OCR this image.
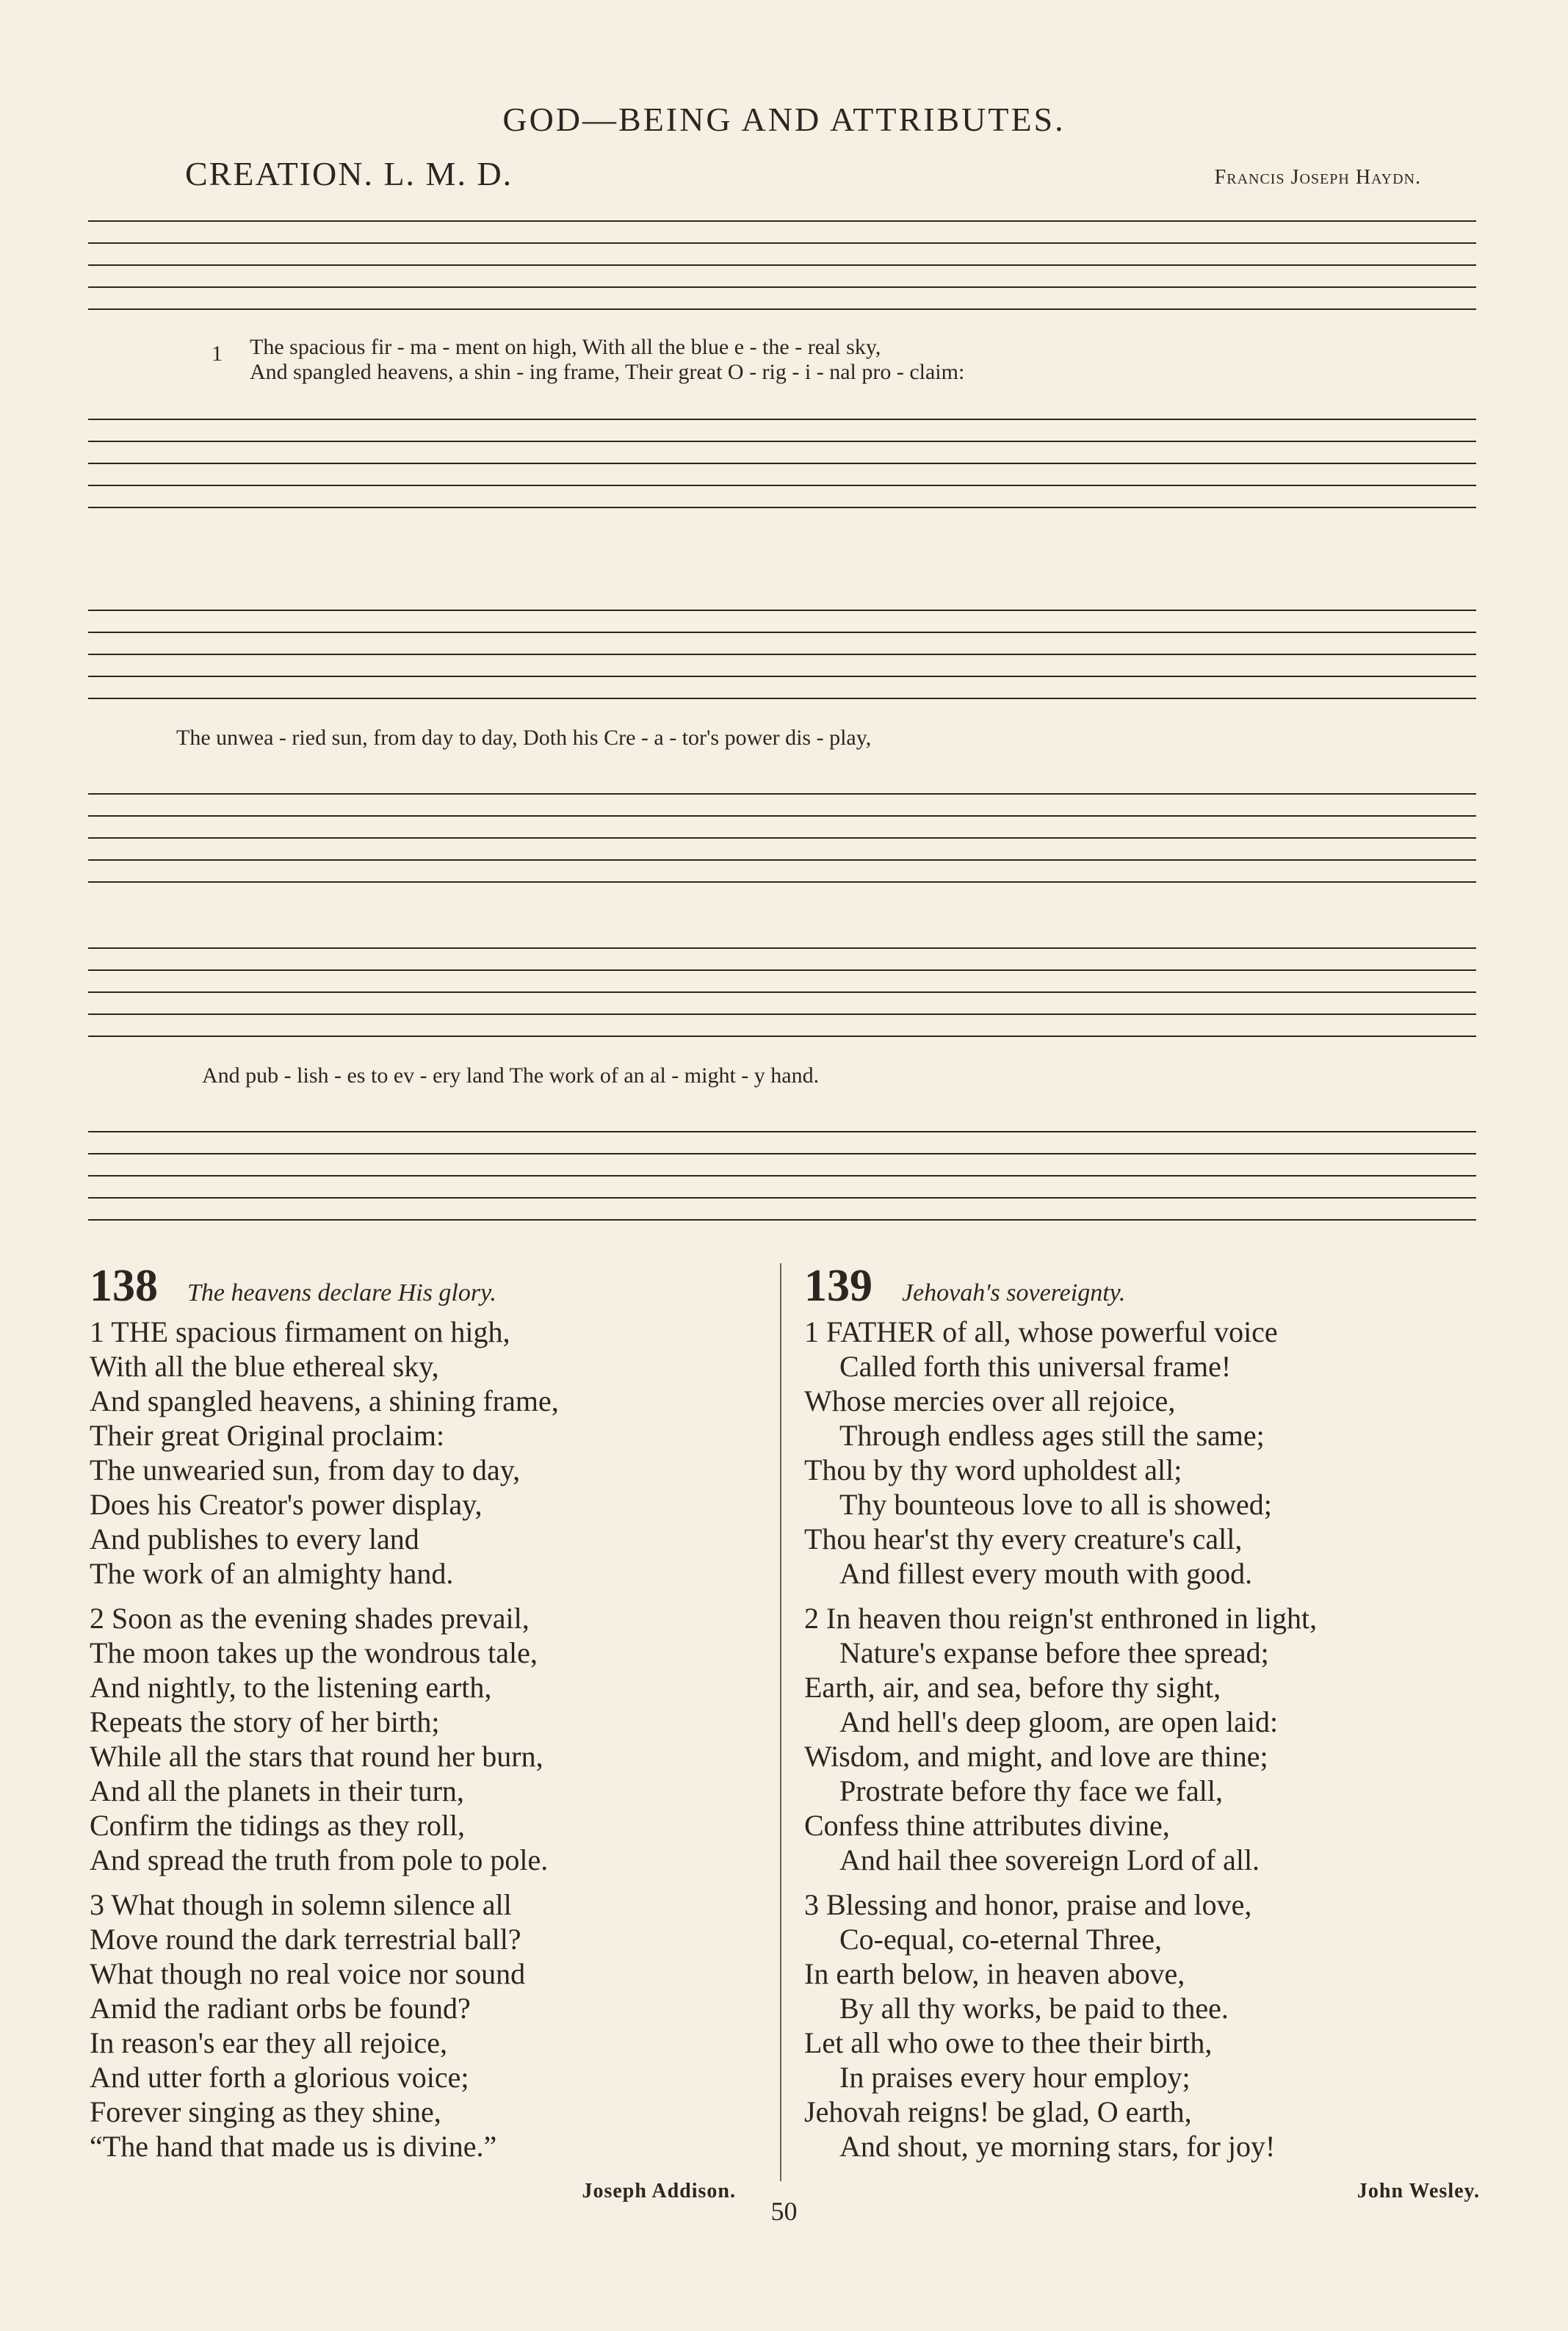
GOD—BEING AND ATTRIBUTES.
CREATION. L. M. D.	Francis Joseph Haydn.
1 The spacious fir - ma - ment on high, With all the blue e - the - real sky,
And spangled heavens, a shin - ing frame, Their great O - rig - i - nal pro - claim:
The unwea - ried sun, from day to day, Doth his Cre - a - tor's power dis - play,
And pub - lish - es to ev - ery land The work of an al - might - y hand.
138 The heavens declare His glory.
1 THE spacious firmament on high,
With all the blue ethereal sky,
And spangled heavens, a shining frame,
Their great Original proclaim:
The unwearied sun, from day to day,
Does his Creator's power display,
And publishes to every land
The work of an almighty hand.
2 Soon as the evening shades prevail,
The moon takes up the wondrous tale,
And nightly, to the listening earth,
Repeats the story of her birth;
While all the stars that round her burn,
And all the planets in their turn,
Confirm the tidings as they roll,
And spread the truth from pole to pole.
3 What though in solemn silence all
Move round the dark terrestrial ball?
What though no real voice nor sound
Amid the radiant orbs be found?
In reason's ear they all rejoice,
And utter forth a glorious voice;
Forever singing as they shine,
“The hand that made us is divine.”
Joseph Addison.
139 Jehovah's sovereignty.
1 FATHER of all, whose powerful voice
Called forth this universal frame!
Whose mercies over all rejoice,
Through endless ages still the same;
Thou by thy word upholdest all;
Thy bounteous love to all is showed;
Thou hear'st thy every creature's call,
And fillest every mouth with good.
2 In heaven thou reign'st enthroned in light,
Nature's expanse before thee spread;
Earth, air, and sea, before thy sight,
And hell's deep gloom, are open laid:
Wisdom, and might, and love are thine;
Prostrate before thy face we fall,
Confess thine attributes divine,
And hail thee sovereign Lord of all.
3 Blessing and honor, praise and love,
Co-equal, co-eternal Three,
In earth below, in heaven above,
By all thy works, be paid to thee.
Let all who owe to thee their birth,
In praises every hour employ;
Jehovah reigns! be glad, O earth,
And shout, ye morning stars, for joy!
John Wesley.
50
